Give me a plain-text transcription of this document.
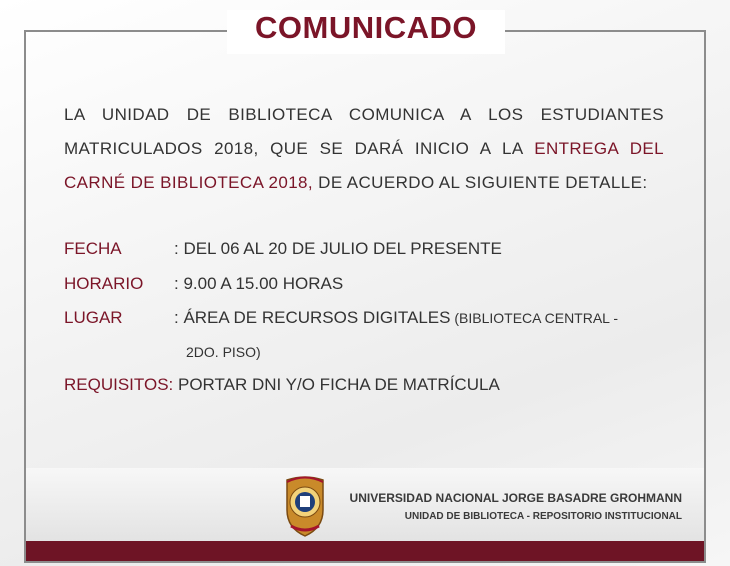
COMUNICADO
LA UNIDAD DE BIBLIOTECA COMUNICA A LOS ESTUDIANTES MATRICULADOS 2018, QUE SE DARÁ INICIO A LA ENTREGA DEL CARNÉ DE BIBLIOTECA 2018, DE ACUERDO AL SIGUIENTE DETALLE:
FECHA	: DEL 06 AL 20 DE JULIO DEL PRESENTE
HORARIO : 9.00 A 15.00 HORAS
LUGAR	: ÁREA DE RECURSOS DIGITALES (BIBLIOTECA CENTRAL -
2DO. PISO)
REQUISITOS: PORTAR DNI Y/O FICHA DE MATRÍCULA
UNIVERSIDAD NACIONAL JORGE BASADRE GROHMANN
UNIDAD DE BIBLIOTECA - REPOSITORIO INSTITUCIONAL
